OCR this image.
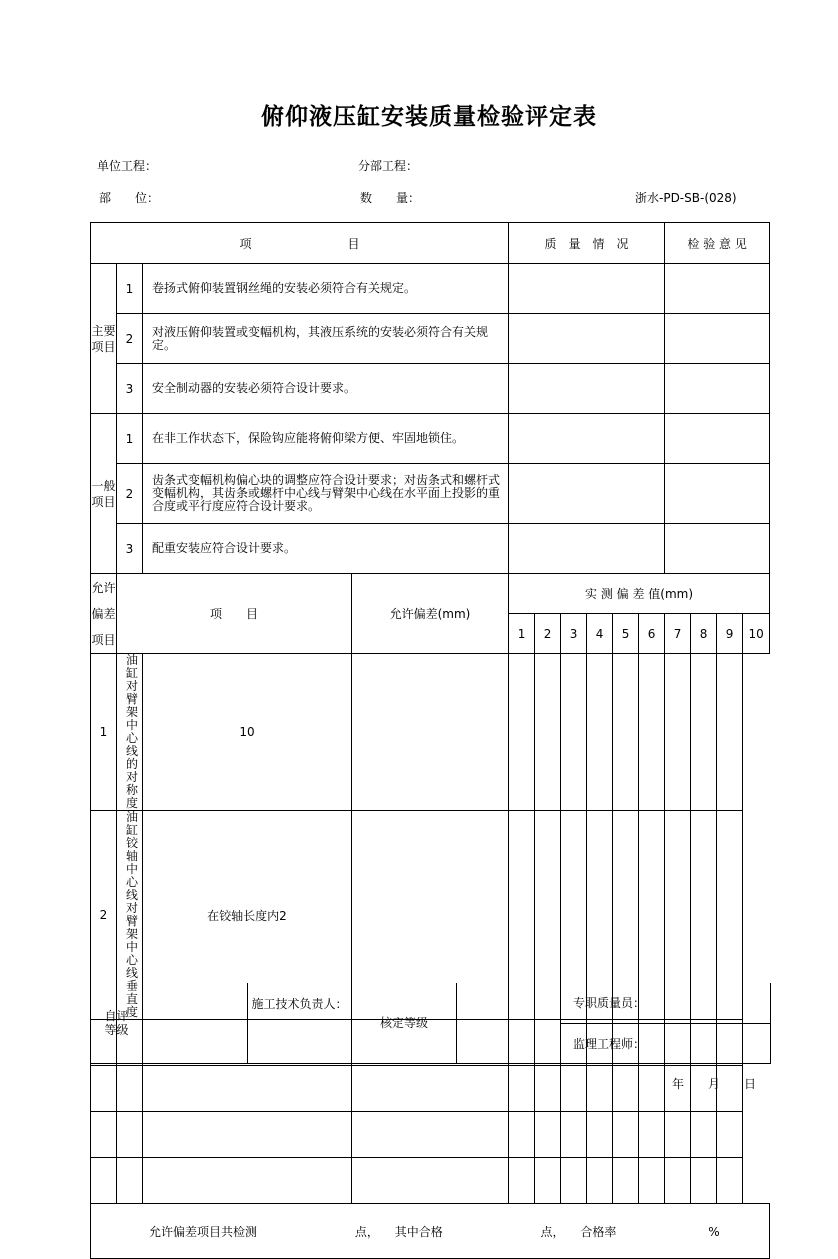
俯仰液压缸安装质量检验评定表
单位工程：	分部工程：
部　　位：	数　　量：	浙水-PD-SB-(028)
项　　　　　　　　目				质　量　情　况						检 验 意 见			
主要项目	1	卷扬式俯仰装置钢丝绳的安装必须符合有关规定。											
	2	对液压俯仰装置或变幅机构，其液压系统的安装必须符合有关规定。											
	3	安全制动器的安装必须符合设计要求。											
一般项目	1	在非工作状态下，保险钩应能将俯仰梁方便、牢固地锁住。											
	2	齿条式变幅机构偏心块的调整应符合设计要求；对齿条式和螺杆式变幅机构，其齿条或螺杆中心线与臂架中心线在水平面上投影的重合度或平行度应符合设计要求。											
	3	配重安装应符合设计要求。											
允许偏差项目	项　　目		允许偏差(mm)	实 测 偏 差 值(mm)									
				1	2	3	4	5	6	7	8	9	10
1	油缸对臂架中心线的对称度	10											
2	油缸铰轴中心线对臂架中心线垂直度	在铰轴长度内2											

允许偏差项目共检测 点， 其中合格 点， 合格率 %													
自评等级		施工技术负责人：	核定等级		专职质量员：
监理工程师：
年　　月　　日
